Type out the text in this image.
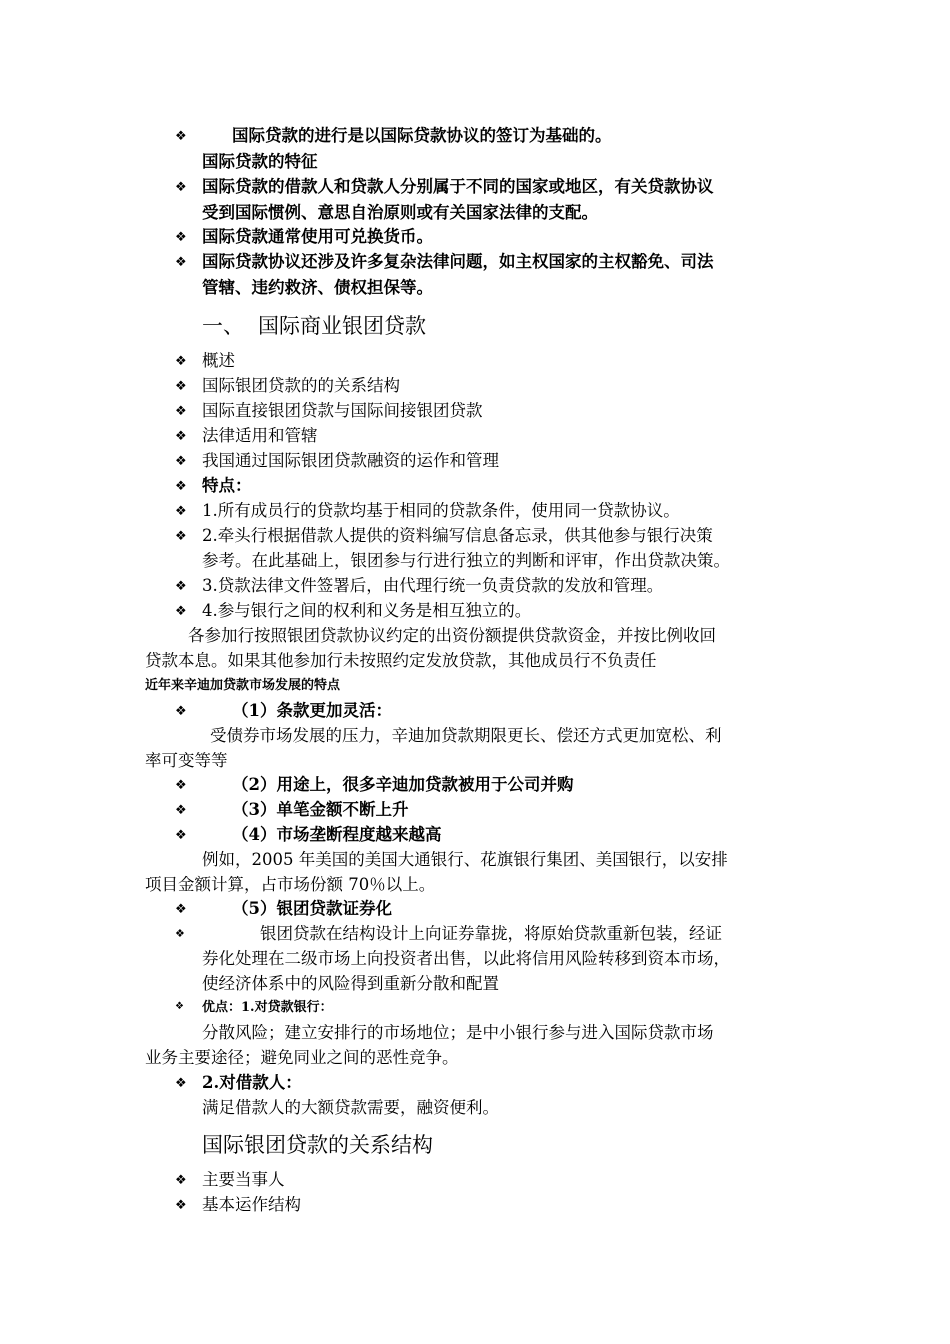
❖	国际贷款的进行是以国际贷款协议的签订为基础的。
国际贷款的特征
❖ 国际贷款的借款人和贷款人分别属于不同的国家或地区，有关贷款协议
受到国际惯例、意思自治原则或有关国家法律的支配。
❖ 国际贷款通常使用可兑换货币。
❖ 国际贷款协议还涉及许多复杂法律问题，如主权国家的主权豁免、司法
管辖、违约救济、债权担保等。
一、 国际商业银团贷款
❖ 概述
❖ 国际银团贷款的的关系结构
❖ 国际直接银团贷款与国际间接银团贷款
❖ 法律适用和管辖
❖ 我国通过国际银团贷款融资的运作和管理
❖ 特点：
❖ 1.所有成员行的贷款均基于相同的贷款条件，使用同一贷款协议。
❖ 2.牵头行根据借款人提供的资料编写信息备忘录，供其他参与银行决策
参考。在此基础上，银团参与行进行独立的判断和评审，作出贷款决策。
❖ 3.贷款法律文件签署后，由代理行统一负责贷款的发放和管理。
❖ 4.参与银行之间的权利和义务是相互独立的。
各参加行按照银团贷款协议约定的出资份额提供贷款资金，并按比例收回
贷款本息。如果其他参加行未按照约定发放贷款，其他成员行不负责任
近年来辛迪加贷款市场发展的特点
❖	（1）条款更加灵活：
受债券市场发展的压力，辛迪加贷款期限更长、偿还方式更加宽松、利
率可变等等
❖	（2）用途上，很多辛迪加贷款被用于公司并购
❖	（3）单笔金额不断上升
❖	（4）市场垄断程度越来越高
例如，2005 年美国的美国大通银行、花旗银行集团、美国银行，以安排
项目金额计算，占市场份额 70％以上。
❖	（5）银团贷款证券化
❖	银团贷款在结构设计上向证券靠拢，将原始贷款重新包装，经证
券化处理在二级市场上向投资者出售，以此将信用风险转移到资本市场，
使经济体系中的风险得到重新分散和配置
❖ 优点：1.对贷款银行：
分散风险；建立安排行的市场地位；是中小银行参与进入国际贷款市场
业务主要途径；避免同业之间的恶性竞争。
❖ 2.对借款人：
满足借款人的大额贷款需要，融资便利。
国际银团贷款的关系结构
❖ 主要当事人
❖ 基本运作结构
